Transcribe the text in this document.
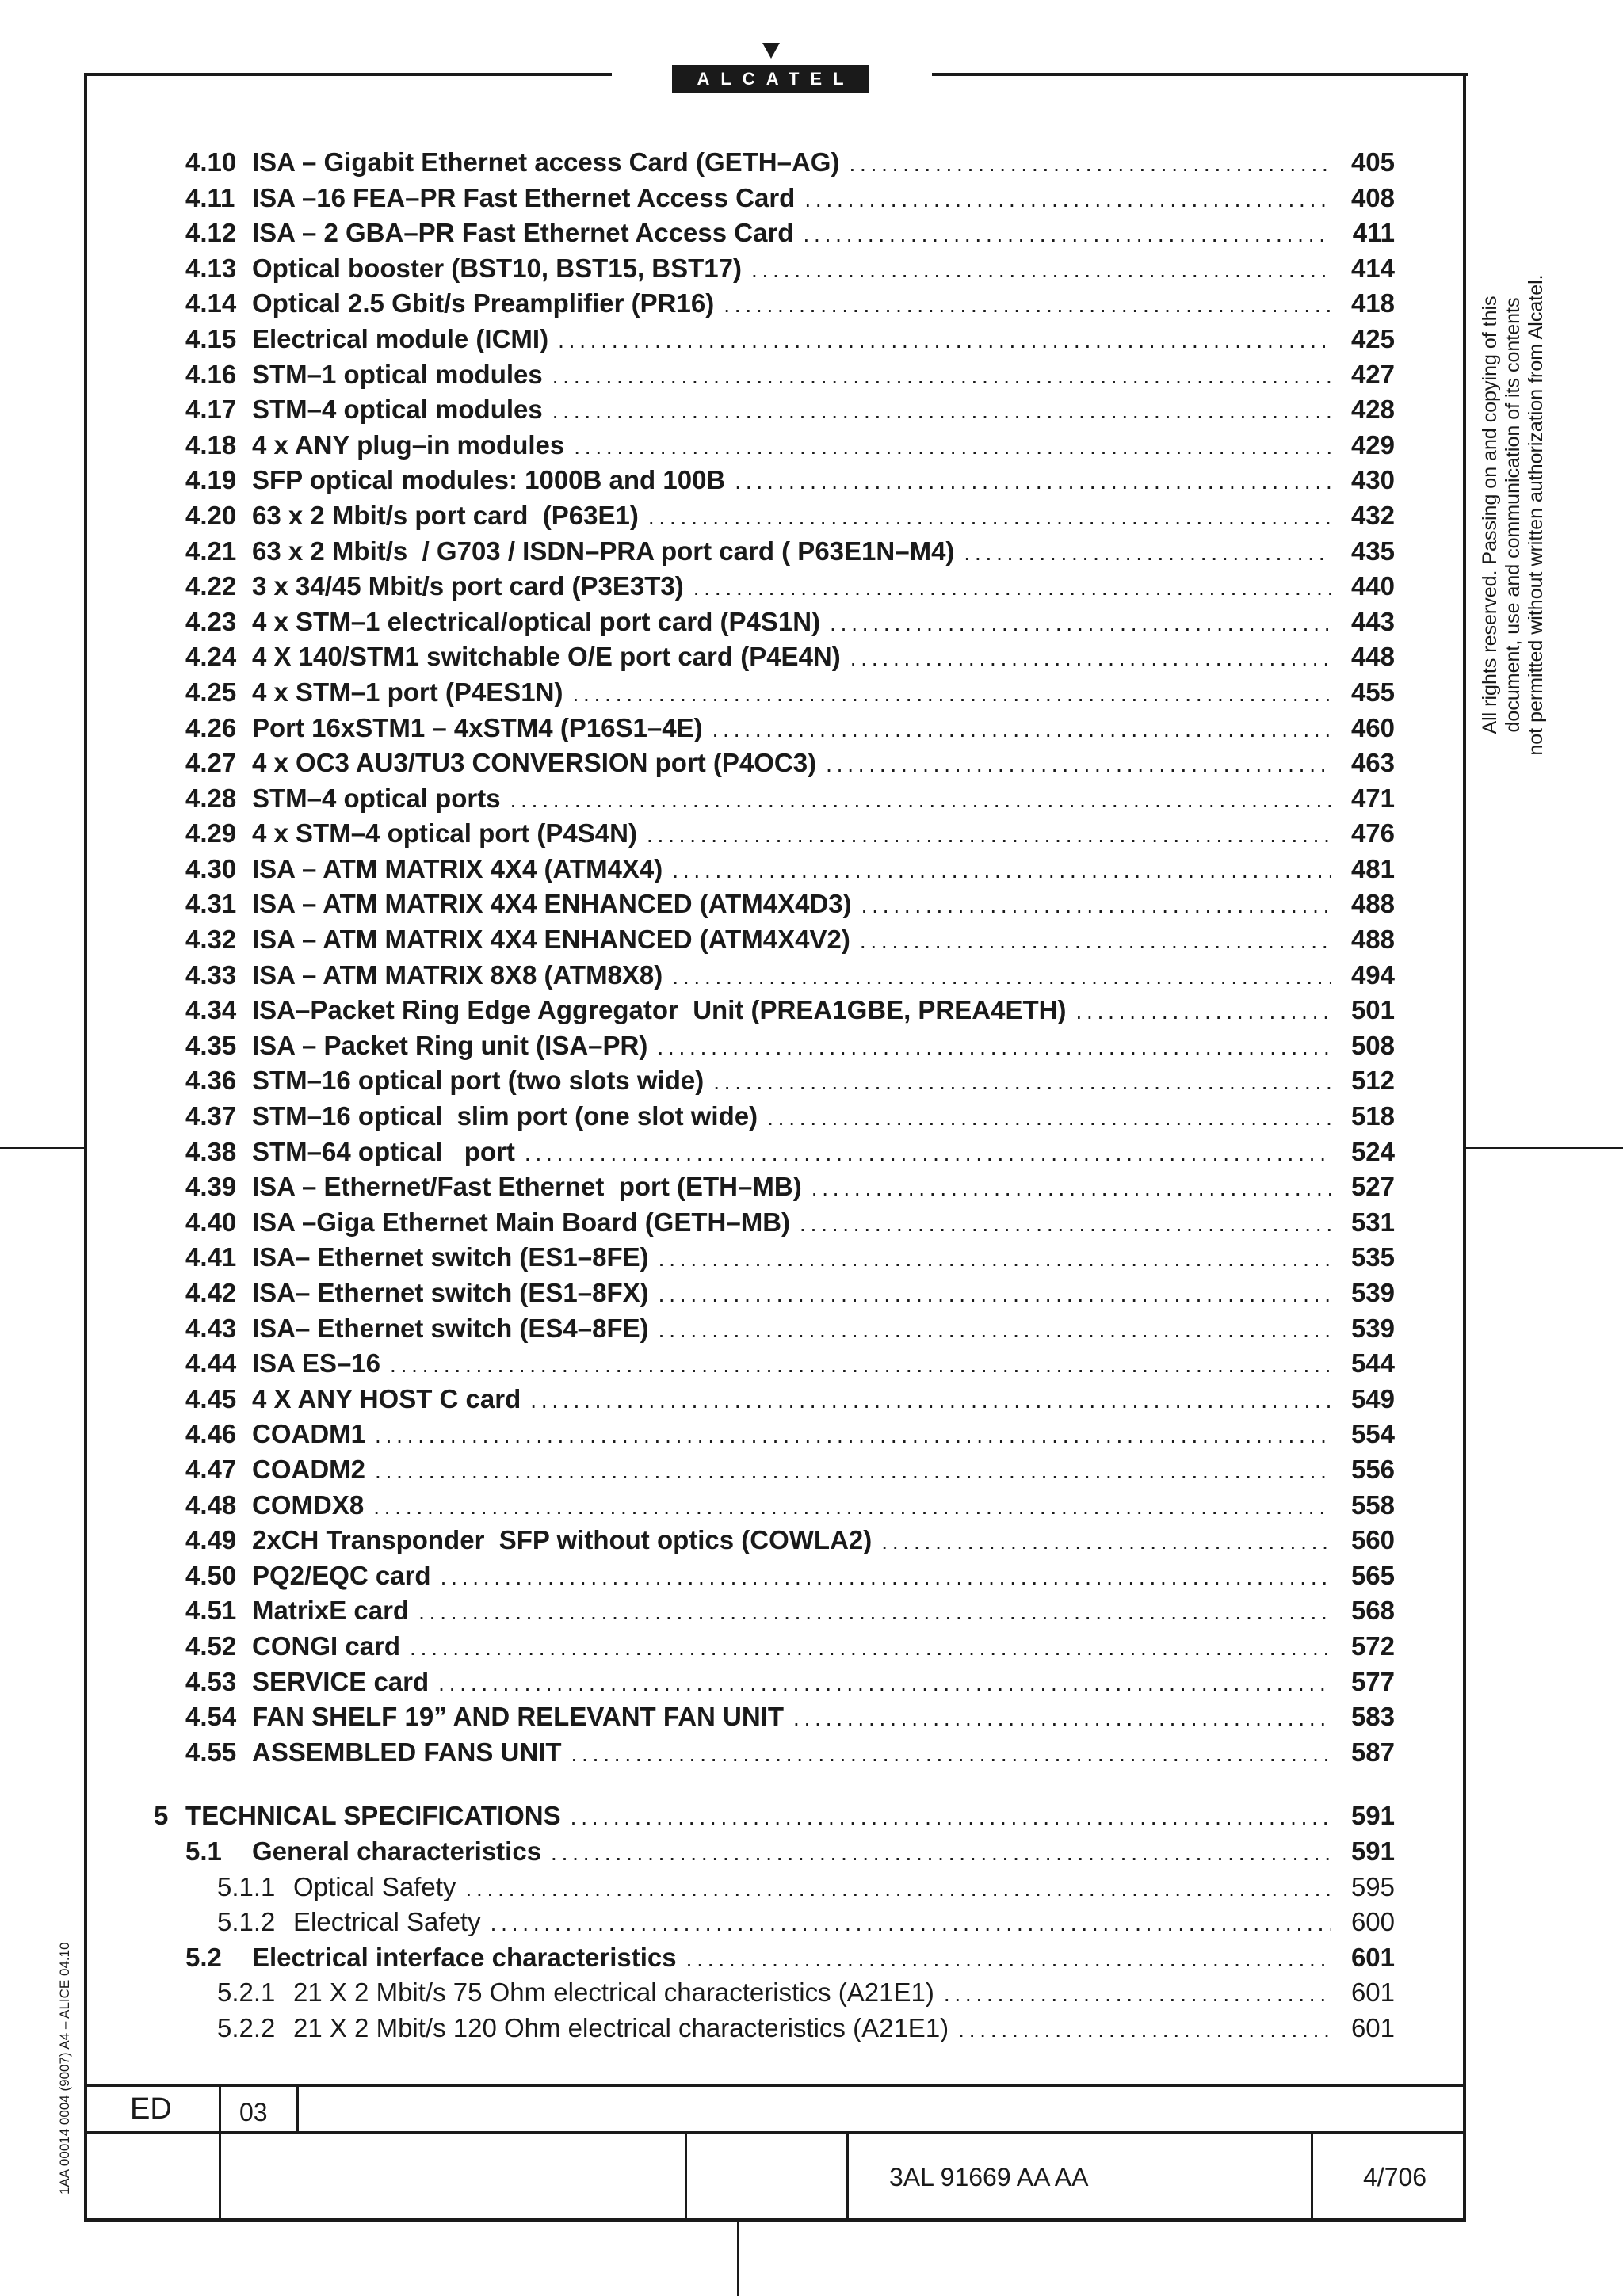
ALCATEL
4.10 ISA – Gigabit Ethernet access Card (GETH–AG) . . .	405
4.11 ISA –16 FEA–PR Fast Ethernet Access Card . . .	408
4.12 ISA – 2 GBA–PR Fast Ethernet Access Card . . .	411
4.13 Optical booster (BST10, BST15, BST17) . . .	414
4.14 Optical 2.5 Gbit/s Preamplifier (PR16) . . .	418
4.15 Electrical module (ICMI) . . .	425
4.16 STM–1 optical modules . . .	427
4.17 STM–4 optical modules . . .	428
4.18 4 x ANY plug–in modules . . .	429
4.19 SFP optical modules: 1000B and 100B . . .	430
4.20 63 x 2 Mbit/s port card  (P63E1) . . .	432
4.21 63 x 2 Mbit/s  / G703 / ISDN–PRA port card ( P63E1N–M4) . . .	435
4.22 3 x 34/45 Mbit/s port card (P3E3T3) . . .	440
4.23 4 x STM–1 electrical/optical port card (P4S1N) . . .	443
4.24 4 X 140/STM1 switchable O/E port card (P4E4N) . . .	448
4.25 4 x STM–1 port (P4ES1N) . . .	455
4.26 Port 16xSTM1 – 4xSTM4 (P16S1–4E) . . .	460
4.27 4 x OC3 AU3/TU3 CONVERSION port (P4OC3) . . .	463
4.28 STM–4 optical ports . . .	471
4.29 4 x STM–4 optical port (P4S4N) . . .	476
4.30 ISA – ATM MATRIX 4X4 (ATM4X4) . . .	481
4.31 ISA – ATM MATRIX 4X4 ENHANCED (ATM4X4D3) . . .	488
4.32 ISA – ATM MATRIX 4X4 ENHANCED (ATM4X4V2) . . .	488
4.33 ISA – ATM MATRIX 8X8 (ATM8X8) . . .	494
4.34 ISA–Packet Ring Edge Aggregator  Unit (PREA1GBE, PREA4ETH) . . .	501
4.35 ISA – Packet Ring unit (ISA–PR) . . .	508
4.36 STM–16 optical port (two slots wide) . . .	512
4.37 STM–16 optical  slim port (one slot wide) . . .	518
4.38 STM–64 optical   port . . .	524
4.39 ISA – Ethernet/Fast Ethernet  port (ETH–MB) . . .	527
4.40 ISA –Giga Ethernet Main Board (GETH–MB) . . .	531
4.41 ISA– Ethernet switch (ES1–8FE) . . .	535
4.42 ISA– Ethernet switch (ES1–8FX) . . .	539
4.43 ISA– Ethernet switch (ES4–8FE) . . .	539
4.44 ISA ES–16 . . .	544
4.45 4 X ANY HOST C card . . .	549
4.46 COADM1 . . .	554
4.47 COADM2 . . .	556
4.48 COMDX8 . . .	558
4.49 2xCH Transponder  SFP without optics (COWLA2) . . .	560
4.50 PQ2/EQC card . . .	565
4.51 MatrixE card . . .	568
4.52 CONGI card . . .	572
4.53 SERVICE card . . .	577
4.54 FAN SHELF 19” AND RELEVANT FAN UNIT . . .	583
4.55 ASSEMBLED FANS UNIT . . .	587
5 TECHNICAL SPECIFICATIONS . . .	591
5.1	General characteristics . . .	591
5.1.1 Optical Safety . . .	595
5.1.2 Electrical Safety . . .	600
5.2	Electrical interface characteristics . . .	601
5.2.1 21 X 2 Mbit/s 75 Ohm electrical characteristics (A21E1) . . .	601
5.2.2 21 X 2 Mbit/s 120 Ohm electrical characteristics (A21E1) . . .	601
All rights reserved. Passing on and copying of this document, use and communication of its contents not permitted without written authorization from Alcatel.
1AA 00014 0004 (9007) A4 – ALICE 04.10 ED	03
3AL 91669 AA AA	4/706
